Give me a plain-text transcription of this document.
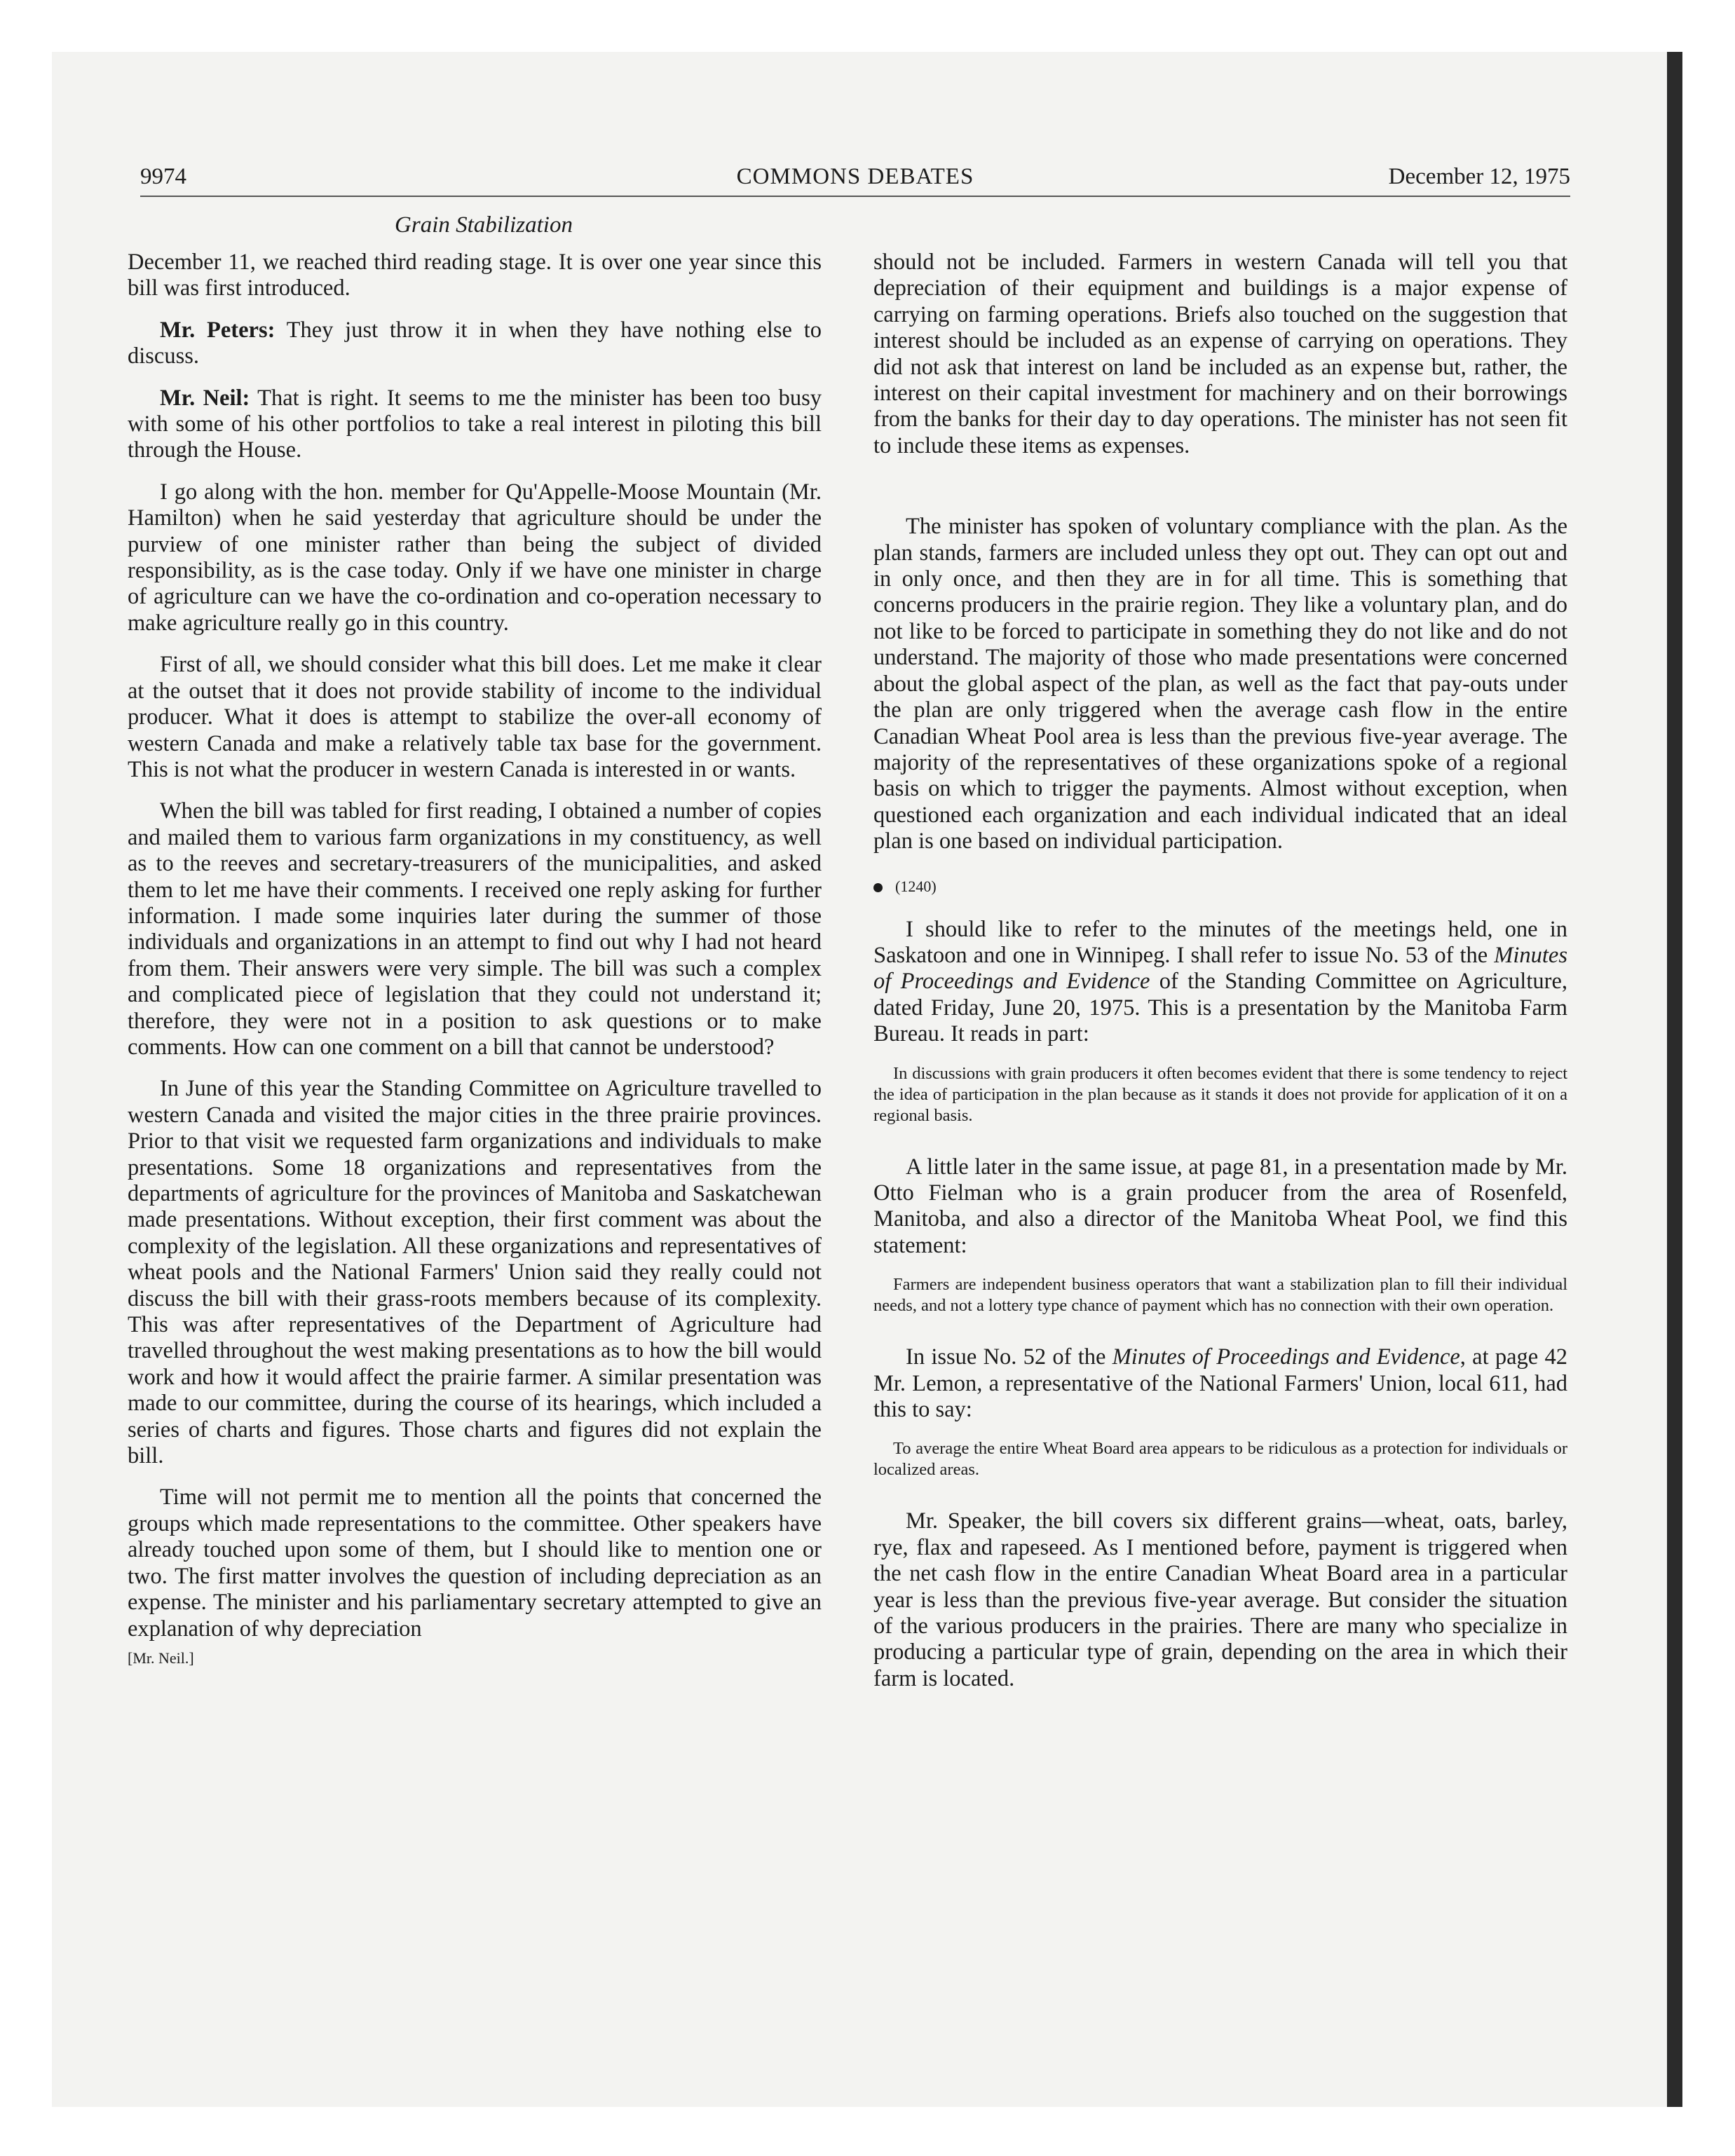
9974	COMMONS DEBATES	December 12, 1975
Grain Stabilization

December 11, we reached third reading stage. It is over one year since this bill was first introduced.

Mr. Peters: They just throw it in when they have nothing else to discuss.

Mr. Neil: That is right. It seems to me the minister has been too busy with some of his other portfolios to take a real interest in piloting this bill through the House.

I go along with the hon. member for Qu'Appelle-Moose Mountain (Mr. Hamilton) when he said yesterday that agriculture should be under the purview of one minister rather than being the subject of divided responsibility, as is the case today. Only if we have one minister in charge of agriculture can we have the co-ordination and co-operation necessary to make agriculture really go in this country.

First of all, we should consider what this bill does. Let me make it clear at the outset that it does not provide stability of income to the individual producer. What it does is attempt to stabilize the over-all economy of western Canada and make a relatively table tax base for the government. This is not what the producer in western Canada is interested in or wants.

When the bill was tabled for first reading, I obtained a number of copies and mailed them to various farm organizations in my constituency, as well as to the reeves and secretary-treasurers of the municipalities, and asked them to let me have their comments. I received one reply asking for further information. I made some inquiries later during the summer of those individuals and organizations in an attempt to find out why I had not heard from them. Their answers were very simple. The bill was such a complex and complicated piece of legislation that they could not understand it; therefore, they were not in a position to ask questions or to make comments. How can one comment on a bill that cannot be understood?

In June of this year the Standing Committee on Agriculture travelled to western Canada and visited the major cities in the three prairie provinces. Prior to that visit we requested farm organizations and individuals to make presentations. Some 18 organizations and representatives from the departments of agriculture for the provinces of Manitoba and Saskatchewan made presentations. Without exception, their first comment was about the complexity of the legislation. All these organizations and representatives of wheat pools and the National Farmers' Union said they really could not discuss the bill with their grass-roots members because of its complexity. This was after representatives of the Department of Agriculture had travelled throughout the west making presentations as to how the bill would work and how it would affect the prairie farmer. A similar presentation was made to our committee, during the course of its hearings, which included a series of charts and figures. Those charts and figures did not explain the bill.

Time will not permit me to mention all the points that concerned the groups which made representations to the committee. Other speakers have already touched upon some of them, but I should like to mention one or two. The first matter involves the question of including depreciation as an expense. The minister and his parliamentary secretary attempted to give an explanation of why depreciation

[Mr. Neil.]

should not be included. Farmers in western Canada will tell you that depreciation of their equipment and buildings is a major expense of carrying on farming operations. Briefs also touched on the suggestion that interest should be included as an expense of carrying on operations. They did not ask that interest on land be included as an expense but, rather, the interest on their capital investment for machinery and on their borrowings from the banks for their day to day operations. The minister has not seen fit to include these items as expenses.

The minister has spoken of voluntary compliance with the plan. As the plan stands, farmers are included unless they opt out. They can opt out and in only once, and then they are in for all time. This is something that concerns producers in the prairie region. They like a voluntary plan, and do not like to be forced to participate in something they do not like and do not understand. The majority of those who made presentations were concerned about the global aspect of the plan, as well as the fact that pay-outs under the plan are only triggered when the average cash flow in the entire Canadian Wheat Pool area is less than the previous five-year average. The majority of the representatives of these organizations spoke of a regional basis on which to trigger the payments. Almost without exception, when questioned each organization and each individual indicated that an ideal plan is one based on individual participation.

(1240)

I should like to refer to the minutes of the meetings held, one in Saskatoon and one in Winnipeg. I shall refer to issue No. 53 of the Minutes of Proceedings and Evidence of the Standing Committee on Agriculture, dated Friday, June 20, 1975. This is a presentation by the Manitoba Farm Bureau. It reads in part:

In discussions with grain producers it often becomes evident that there is some tendency to reject the idea of participation in the plan because as it stands it does not provide for application of it on a regional basis.

A little later in the same issue, at page 81, in a presentation made by Mr. Otto Fielman who is a grain producer from the area of Rosenfeld, Manitoba, and also a director of the Manitoba Wheat Pool, we find this statement:

Farmers are independent business operators that want a stabilization plan to fill their individual needs, and not a lottery type chance of payment which has no connection with their own operation.

In issue No. 52 of the Minutes of Proceedings and Evidence, at page 42 Mr. Lemon, a representative of the National Farmers' Union, local 611, had this to say:

To average the entire Wheat Board area appears to be ridiculous as a protection for individuals or localized areas.

Mr. Speaker, the bill covers six different grains—wheat, oats, barley, rye, flax and rapeseed. As I mentioned before, payment is triggered when the net cash flow in the entire Canadian Wheat Board area in a particular year is less than the previous five-year average. But consider the situation of the various producers in the prairies. There are many who specialize in producing a particular type of grain, depending on the area in which their farm is located.
